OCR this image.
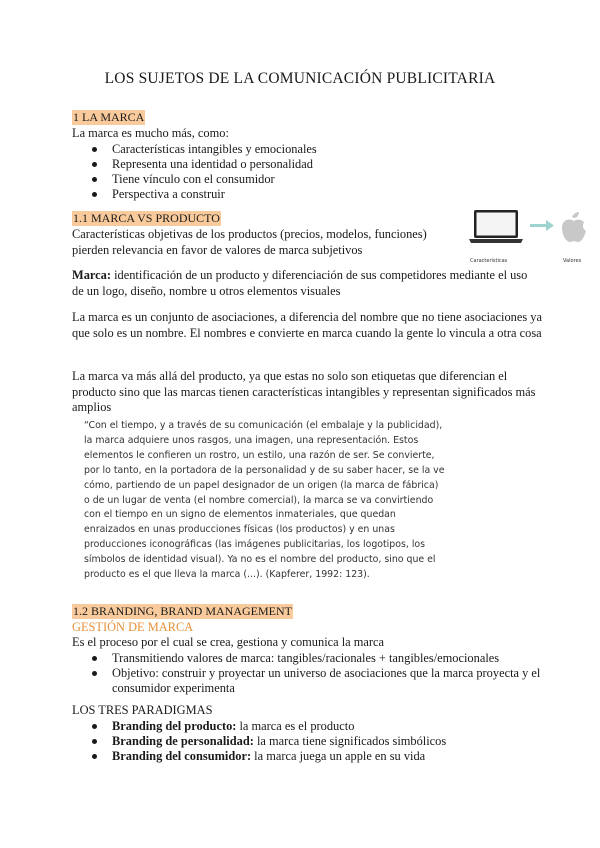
LOS SUJETOS DE LA COMUNICACIÓN PUBLICITARIA
1 LA MARCA

La marca es mucho más, como:

Características intangibles y emocionales
Representa una identidad o personalidad
Tiene vínculo con el consumidor
Perspectiva a construir
1.1 MARCA VS PRODUCTO

Características objetivas de los productos (precios, modelos, funciones) pierden relevancia en favor de valores de marca subjetivos

Características	Valores

Marca: identificación de un producto y diferenciación de sus competidores mediante el uso de un logo, diseño, nombre u otros elementos visuales

La marca es un conjunto de asociaciones, a diferencia del nombre que no tiene asociaciones ya que solo es un nombre. El nombres e convierte en marca cuando la gente lo vincula a otra cosa

La marca va más allá del producto, ya que estas no solo son etiquetas que diferencian el producto sino que las marcas tienen características intangibles y representan significados más amplios

“Con el tiempo, y a través de su comunicación (el embalaje y la publicidad), la marca adquiere unos rasgos, una imagen, una representación. Estos elementos le confieren un rostro, un estilo, una razón de ser. Se convierte, por lo tanto, en la portadora de la personalidad y de su saber hacer, se la ve cómo, partiendo de un papel designador de un origen (la marca de fábrica) o de un lugar de venta (el nombre comercial), la marca se va convirtiendo con el tiempo en un signo de elementos inmateriales, que quedan enraizados en unas producciones físicas (los productos) y en unas producciones iconográficas (las imágenes publicitarias, los logotipos, los símbolos de identidad visual). Ya no es el nombre del producto, sino que el producto es el que lleva la marca (...). (Kapferer, 1992: 123).

1.2 BRANDING, BRAND MANAGEMENT
GESTIÓN DE MARCA

Es el proceso por el cual se crea, gestiona y comunica la marca

Transmitiendo valores de marca: tangibles/racionales + tangibles/emocionales
Objetivo: construir y proyectar un universo de asociaciones que la marca proyecta y el consumidor experimenta
LOS TRES PARADIGMAS
Branding del producto: la marca es el producto
Branding de personalidad: la marca tiene significados simbólicos
Branding del consumidor: la marca juega un apple en su vida
